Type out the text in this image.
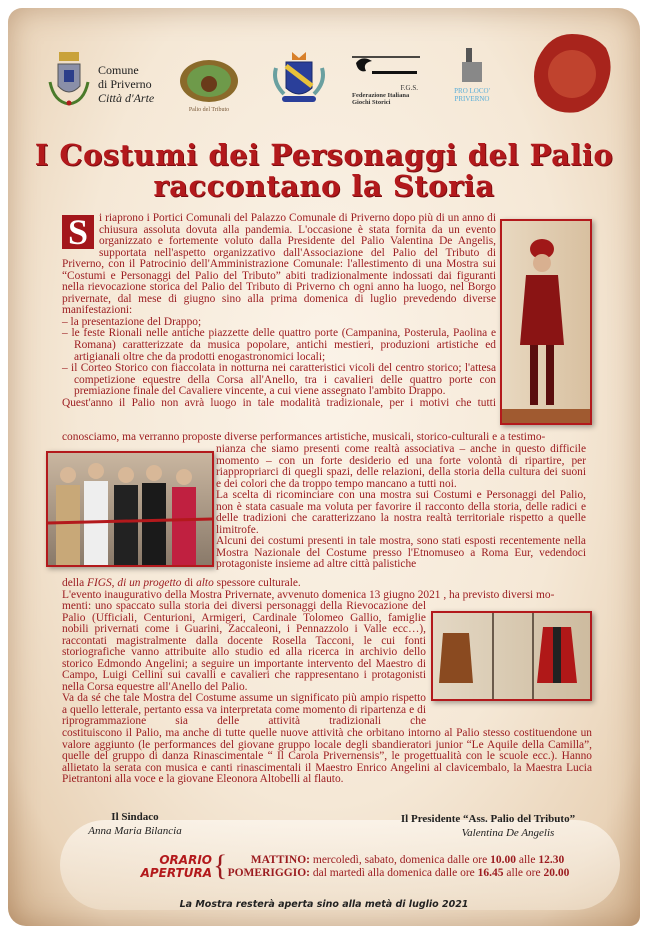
Comune
di Priverno
Città d'Arte
Palio del Tributo
F.G.S.
Federazione Italiana
Giochi Storici
PRO LOCO'
PRIVERNO
I Costumi dei Personaggi del Palio
raccontano la Storia
S i riaprono i Portici Comunali del Palazzo Comunale di Priverno dopo più di un anno di chiusura assoluta dovuta alla pandemia. L'occasione è stata fornita da un evento organizzato e fortemente voluto dalla Presidente del Palio Valentina De Angelis, supportata nell'aspetto organizzativo dall'Associazione del Palio del Tributo di Priverno, con il Patrocinio dell'Amministrazione Comunale: l'allestimento di una Mostra sui “Costumi e Personaggi del Palio del Tributo” abiti tradizionalmente indossati dai figuranti nella rievocazione storica del Palio del Tributo di Priverno ch ogni anno ha luogo, nel Borgo privernate, dal mese di giugno sino alla prima domenica di luglio prevedendo diverse manifestazioni:

– la presentazione del Drappo;

– le feste Rionali nelle antiche piazzette delle quattro porte (Campanina, Posterula, Paolina e Romana) caratterizzate da musica popolare, antichi mestieri, produzioni artistiche ed artigianali oltre che da prodotti enogastronomici locali;

– il Corteo Storico con fiaccolata in notturna nei caratteristici vicoli del centro storico; l'attesa competizione equestre della Corsa all'Anello, tra i cavalieri delle quattro porte con premiazione finale del Cavaliere vincente, a cui viene assegnato l'ambito Drappo.

Quest'anno il Palio non avrà luogo in tale modalità tradizionale, per i motivi che tutti

conosciamo, ma verranno proposte diverse performances artistiche, musicali, storico-culturali e a testimo-

nianza che siamo presenti come realtà associativa – anche in questo difficile momento – con un forte desiderio ed una forte volontà di ripartire, per riappropriarci di quegli spazi, delle relazioni, della storia della cultura dei suoni e dei colori che da troppo tempo mancano a tutti noi.

La scelta di ricominciare con una mostra sui Costumi e Personaggi del Palio, non è stata casuale ma voluta per favorire il racconto della storia, delle radici e delle tradizioni che caratterizzano la nostra realtà territoriale rispetto a quelle limitrofe.

Alcuni dei costumi presenti in tale mostra, sono stati esposti recentemente nella Mostra Nazionale del Costume presso l'Etnomuseo a Roma Eur, vedendoci protagoniste insieme ad altre città palistiche

della FIGS, di un progetto di alto spessore culturale.

L'evento inaugurativo della Mostra Privernate, avvenuto domenica 13 giugno 2021 , ha previsto diversi mo-

menti: uno spaccato sulla storia dei diversi personaggi della Rievocazione del Palio (Ufficiali, Centurioni, Armigeri, Cardinale Tolomeo Gallio, famiglie nobili privernati come i Guarini, Zaccaleoni, i Pennazzolo i Valle ecc…), raccontati magistralmente dalla docente Rosella Tacconi, le cui fonti storiografiche vanno attribuite allo studio ed alla ricerca in archivio dello storico Edmondo Angelini; a seguire un importante intervento del Maestro di Campo, Luigi Cellini sui cavalli e cavalieri che rappresentano i protagonisti nella Corsa equestre all'Anello del Palio.

Va da sé che tale Mostra del Costume assume un significato più ampio rispetto a quello letterale, pertanto essa va interpretata come momento di ripartenza e di riprogrammazione sia delle attività tradizionali che

costituiscono il Palio, ma anche di tutte quelle nuove attività che orbitano intorno al Palio stesso costituendone un valore aggiunto (le performances del giovane gruppo locale degli sbandieratori junior “Le Aquile della Camilla”, quelle del gruppo di danza Rinascimentale “ Il Carola Privernensis”, le progettualità con le scuole ecc.). Hanno allietato la serata con musica e canti rinascimentali il Maestro Enrico Angelini al clavicembalo, la Maestra Lucia Pietrantoni alla voce e la giovane Eleonora Altobelli al flauto.
Il Sindaco
Anna Maria Bilancia
Il Presidente “Ass. Palio del Tributo”
Valentina De Angelis
ORARIO
APERTURA {	MATTINO: mercoledì, sabato, domenica dalle ore 10.00 alle 12.30
POMERIGGIO: dal martedì alla domenica dalle ore 16.45 alle ore 20.00
La Mostra resterà aperta sino alla metà di luglio 2021
